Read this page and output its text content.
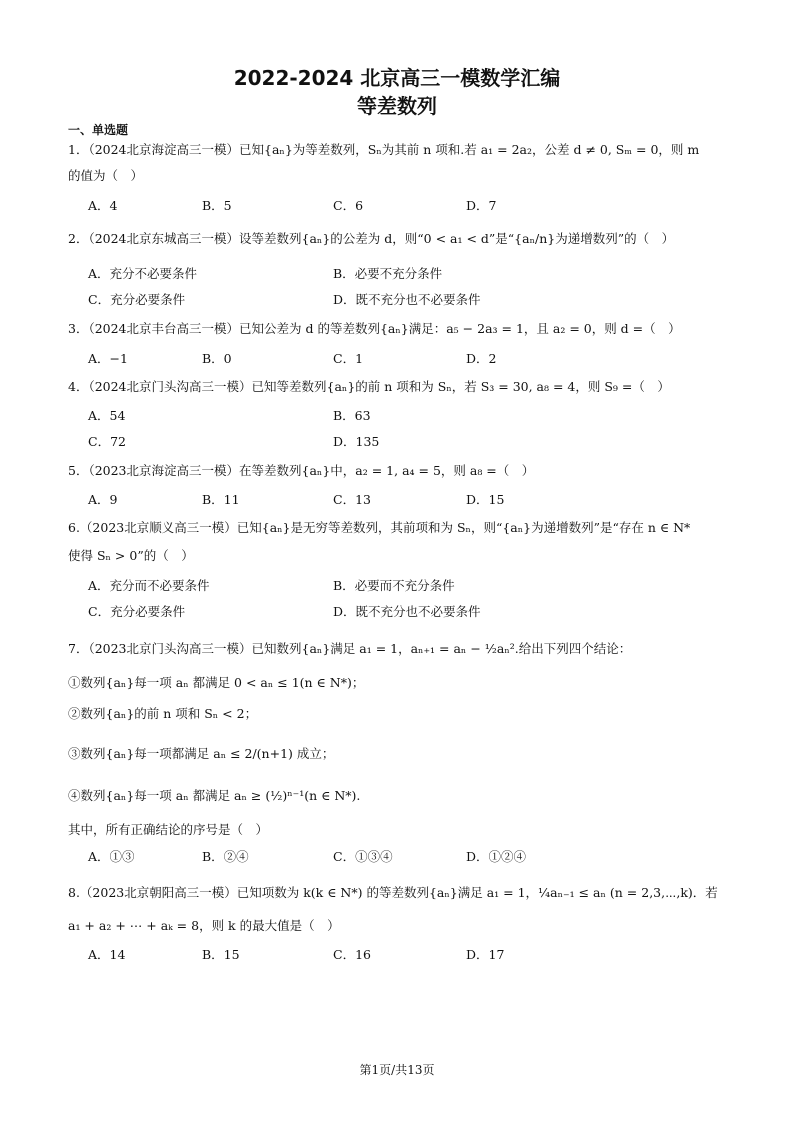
2022-2024 北京高三一模数学汇编
等差数列
一、单选题
1．（2024北京海淀高三一模）已知{aₙ}为等差数列，Sₙ为其前 n 项和.若 a₁ = 2a₂，公差 d ≠ 0, Sₘ = 0，则 m
的值为（　）
A．4	B．5	C．6	D．7
2．（2024北京东城高三一模）设等差数列{aₙ}的公差为 d，则“0 < a₁ < d”是“{aₙ/n}为递增数列”的（　）
A．充分不必要条件	B．必要不充分条件
C．充分必要条件	D．既不充分也不必要条件
3．（2024北京丰台高三一模）已知公差为 d 的等差数列{aₙ}满足：a₅ − 2a₃ = 1，且 a₂ = 0，则 d =（　）
A．−1	B．0	C．1	D．2
4．（2024北京门头沟高三一模）已知等差数列{aₙ}的前 n 项和为 Sₙ，若 S₃ = 30, a₈ = 4，则 S₉ =（　）
A．54	B．63
C．72	D．135
5．（2023北京海淀高三一模）在等差数列{aₙ}中，a₂ = 1, a₄ = 5，则 a₈ =（　）
A．9	B．11	C．13	D．15
6.（2023北京顺义高三一模）已知{aₙ}是无穷等差数列，其前项和为 Sₙ，则“{aₙ}为递增数列”是“存在 n ∈ N*
使得 Sₙ > 0”的（　）
A．充分而不必要条件	B．必要而不充分条件
C．充分必要条件	D．既不充分也不必要条件
7．（2023北京门头沟高三一模）已知数列{aₙ}满足 a₁ = 1，aₙ₊₁ = aₙ − ½aₙ².给出下列四个结论：
①数列{aₙ}每一项 aₙ 都满足 0 < aₙ ≤ 1(n ∈ N*)；
②数列{aₙ}的前 n 项和 Sₙ < 2；
③数列{aₙ}每一项都满足 aₙ ≤ 2/(n+1) 成立；
④数列{aₙ}每一项 aₙ 都满足 aₙ ≥ (½)ⁿ⁻¹(n ∈ N*).
其中，所有正确结论的序号是（　）
A．①③	B．②④	C．①③④	D．①②④
8.（2023北京朝阳高三一模）已知项数为 k(k ∈ N*) 的等差数列{aₙ}满足 a₁ = 1，¼aₙ₋₁ ≤ aₙ (n = 2,3,⋯,k)．若
a₁ + a₂ + ⋯ + aₖ = 8，则 k 的最大值是（　）
A．14	B．15	C．16	D．17
第1页/共13页
